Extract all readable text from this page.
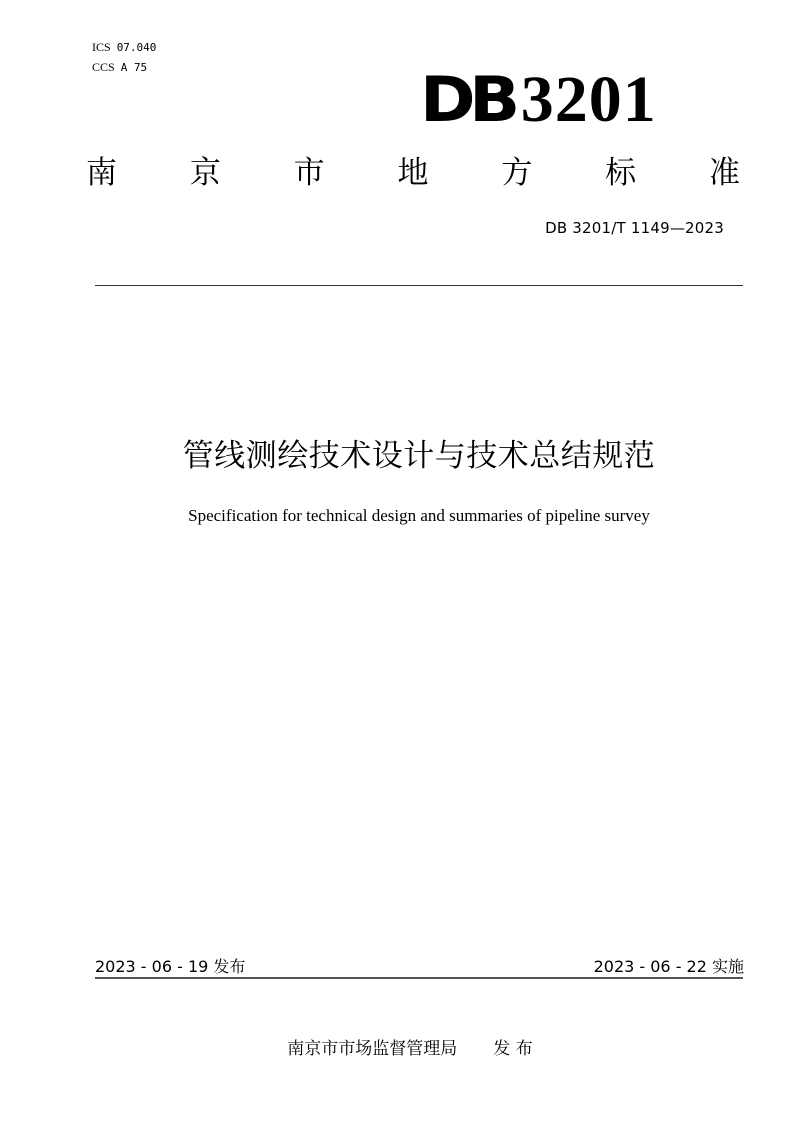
ICS 07.040
CCS A 75	DB 3201
南 京 市 地 方 标 准
DB 3201/T 1149—2023
管线测绘技术设计与技术总结规范
Specification for technical design and summaries of pipeline survey
2023 - 06 - 19 发布	2023 - 06 - 22 实施
南京市市场监督管理局 发 布
